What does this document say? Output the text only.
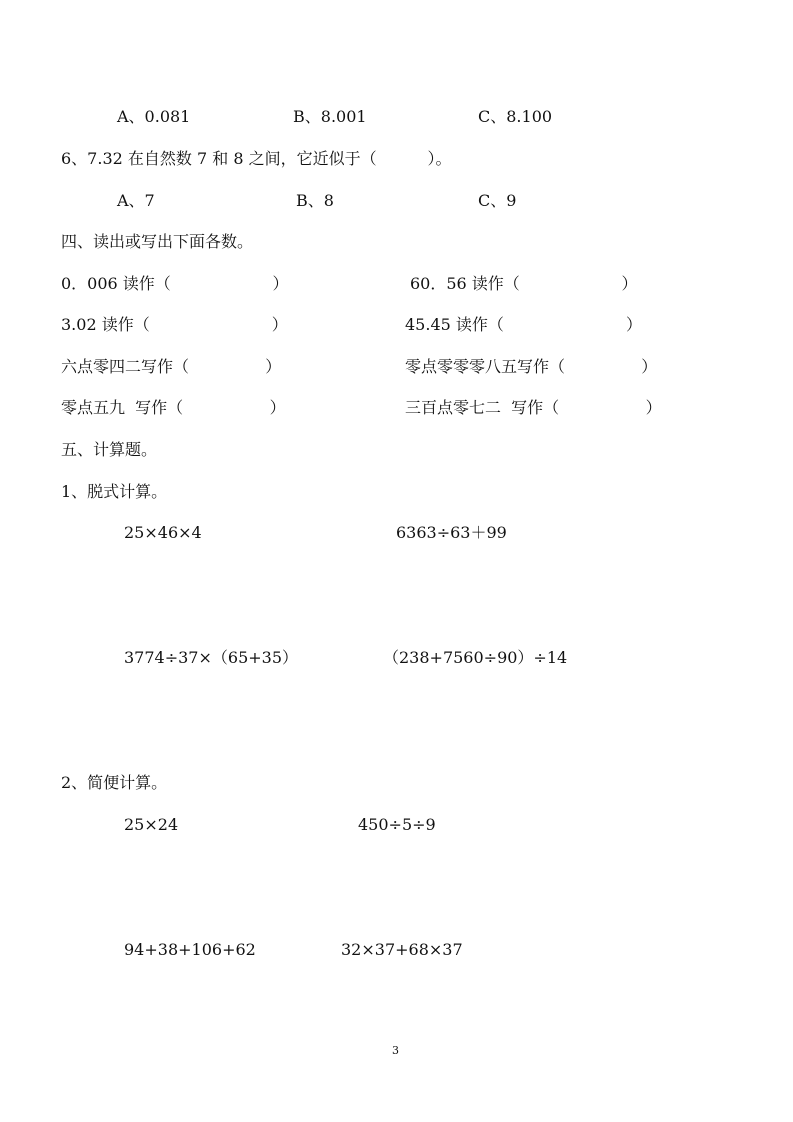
A、0.081	B、8.001	C、8.100
6、7.32 在自然数 7 和 8 之间，它近似于（          ）。
A、7	B、8	C、9
四、读出或写出下面各数。
0．006 读作（                    ）	60．56 读作（                    ）
3.02 读作（                        ）	45.45 读作（                        ）
六点零四二写作（               ）	零点零零零八五写作（               ）
零点五九  写作（                 ）	三百点零七二  写作（                 ）
五、计算题。
1、脱式计算。
25×46×4	6363÷63＋99
3774÷37×（65+35）	（238+7560÷90）÷14
2、简便计算。
25×24	450÷5÷9
94+38+106+62	32×37+68×37
3
